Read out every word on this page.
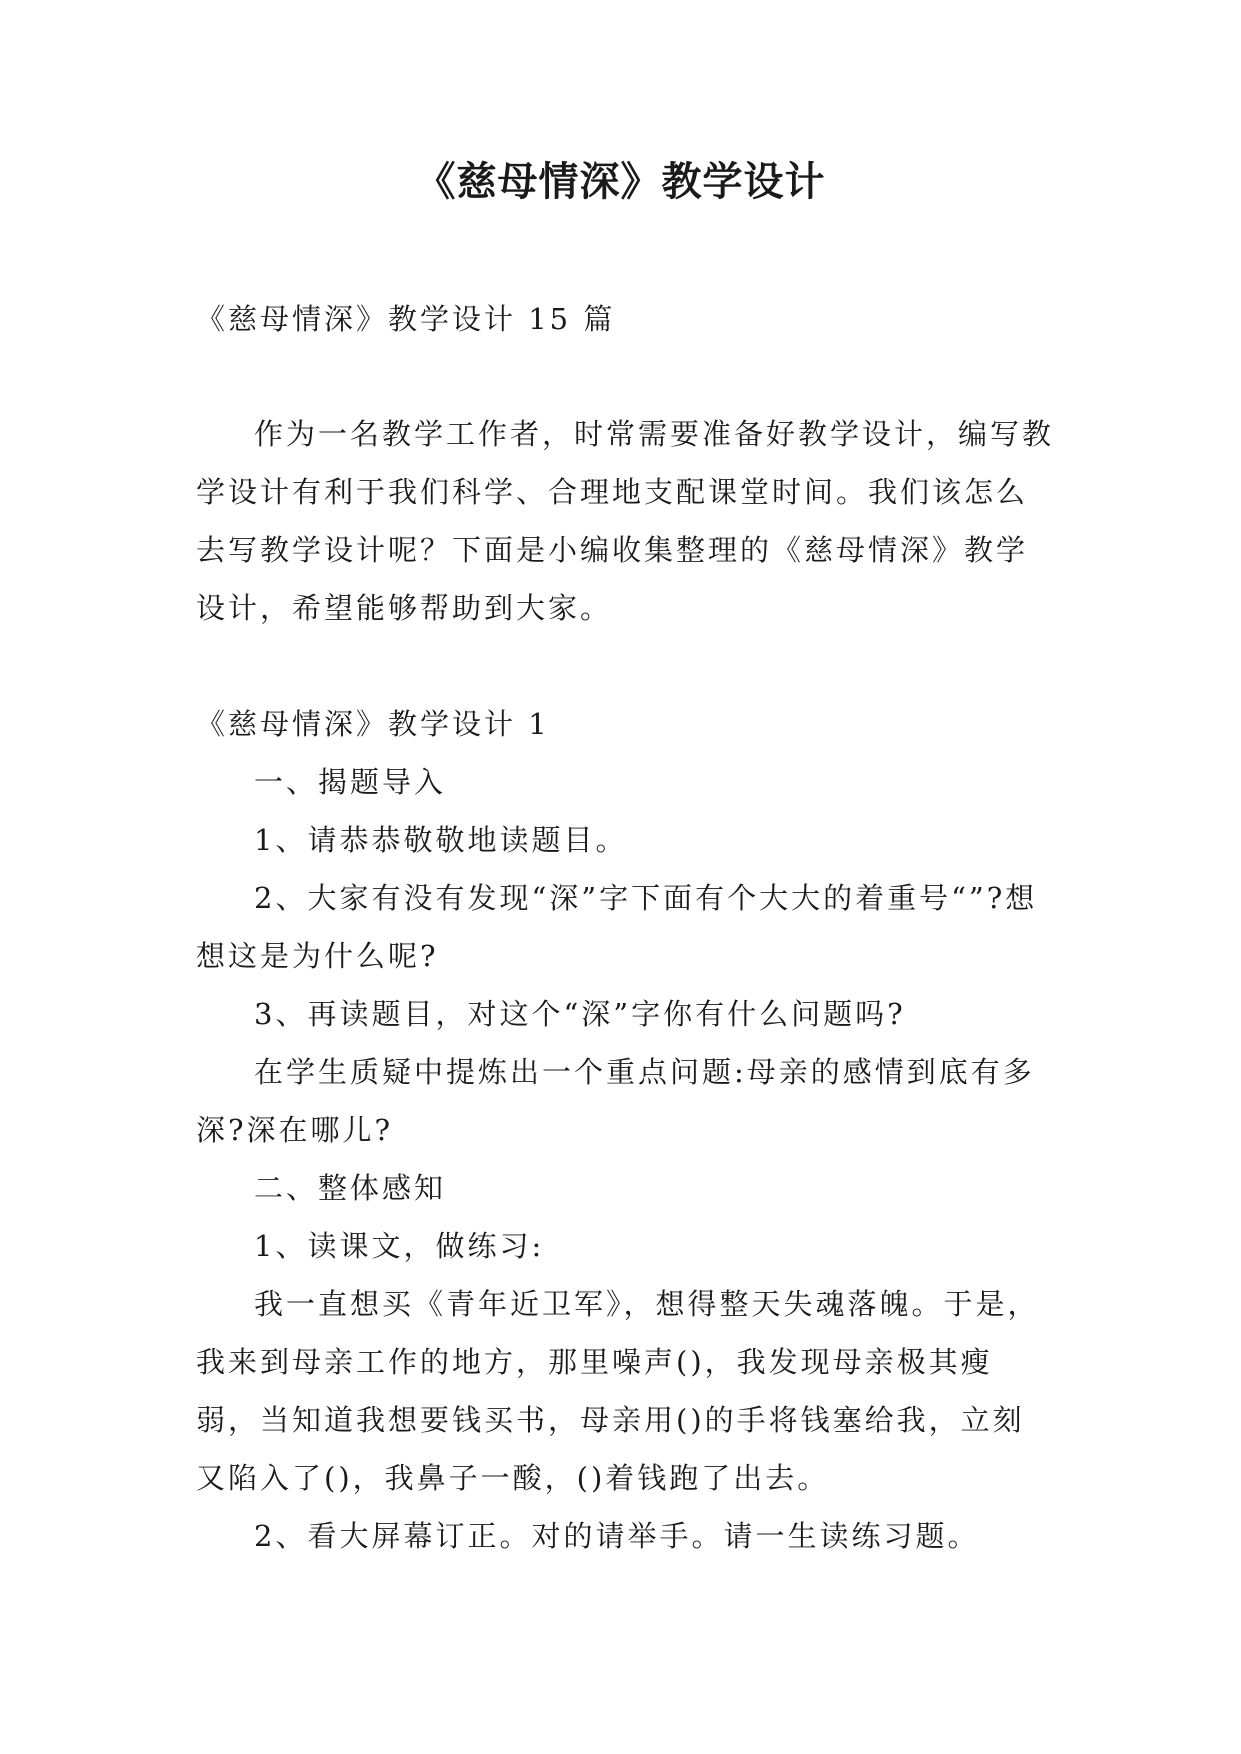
《慈母情深》教学设计

《慈母情深》教学设计 15 篇

作为一名教学工作者，时常需要准备好教学设计，编写教学设计有利于我们科学、合理地支配课堂时间。我们该怎么去写教学设计呢？下面是小编收集整理的《慈母情深》教学设计，希望能够帮助到大家。

《慈母情深》教学设计 1

一、揭题导入

1、请恭恭敬敬地读题目。

2、大家有没有发现“深”字下面有个大大的着重号“”?想想这是为什么呢?

3、再读题目，对这个“深”字你有什么问题吗?

在学生质疑中提炼出一个重点问题:母亲的感情到底有多深?深在哪儿?

二、整体感知

1、读课文，做练习:

我一直想买《青年近卫军》，想得整天失魂落魄。于是，我来到母亲工作的地方，那里噪声()，我发现母亲极其瘦弱，当知道我想要钱买书，母亲用()的手将钱塞给我，立刻又陷入了()，我鼻子一酸，()着钱跑了出去。

2、看大屏幕订正。对的请举手。请一生读练习题。
